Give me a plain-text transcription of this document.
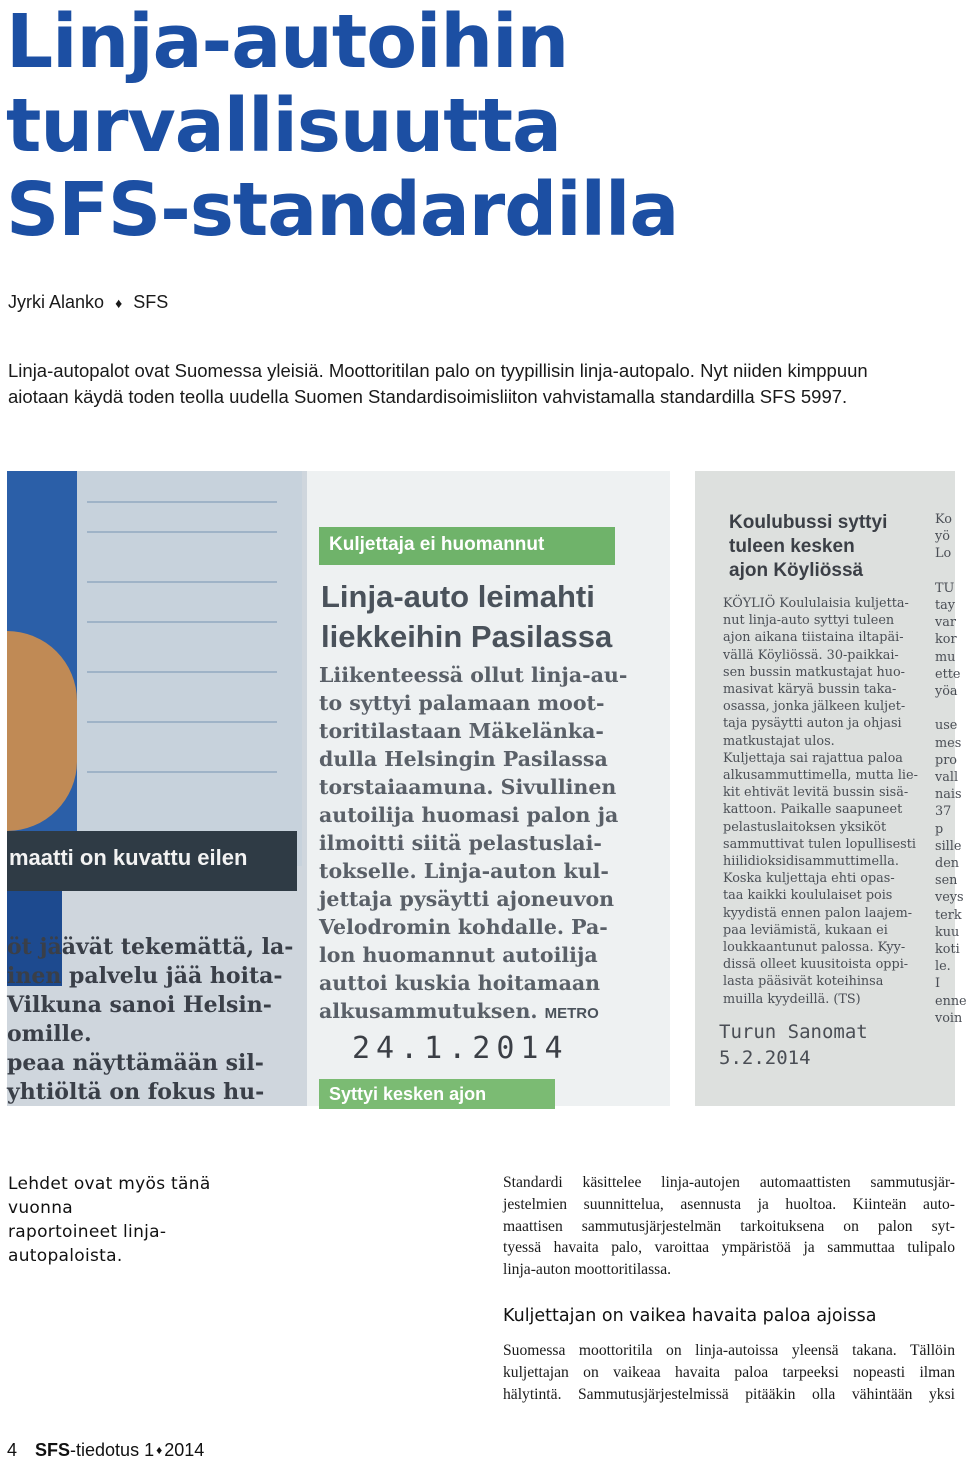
Linja-autoihin
turvallisuutta
SFS-standardilla
Jyrki Alanko ♦ SFS
Linja-autopalot ovat Suomessa yleisiä. Moottoritilan palo on tyypillisin linja-autopalo. Nyt niiden kimppuun
aiotaan käydä toden teolla uudella Suomen Standardisoimisliiton vahvistamalla standardilla SFS 5997.
maatti on kuvattu eilen
öt jäävät tekemättä, la-
inen palvelu jää hoita-
Vilkuna sanoi Helsin-
omille.
peaa näyttämään sil-
yhtiöltä on fokus hu-
Kuljettaja ei huomannut
Linja-auto leimahti
liekkeihin Pasilassa
Liikenteessä ollut linja-au-
to syttyi palamaan moot-
toritilastaan Mäkelänka-
dulla Helsingin Pasilassa
torstaiaamuna. Sivullinen
autoilija huomasi palon ja
ilmoitti siitä pelastuslai-
tokselle. Linja-auton kul-
jettaja pysäytti ajoneuvon
Velodromin kohdalle. Pa-
lon huomannut autoilija
auttoi kuskia hoitamaan
alkusammutuksen. METRO
24.1.2014
Syttyi kesken ajon
Koulubussi syttyi
tuleen kesken
ajon Köyliössä
KÖYLIÖ Koululaisia kuljetta-
nut linja-auto syttyi tuleen
ajon aikana tiistaina iltapäi-
vällä Köyliössä. 30-paikkai-
sen bussin matkustajat huo-
masivat käryä bussin taka-
osassa, jonka jälkeen kuljet-
taja pysäytti auton ja ohjasi
matkustajat ulos.
Kuljettaja sai rajattua paloa
alkusammuttimella, mutta lie-
kit ehtivät levitä bussin sisä-
kattoon. Paikalle saapuneet
pelastuslaitoksen yksiköt
sammuttivat tulen lopullisesti
hiilidioksidisammuttimella.
Koska kuljettaja ehti opas-
taa kaikki koululaiset pois
kyydistä ennen palon laajem-
paa leviämistä, kukaan ei
loukkaantunut palossa. Kyy-
dissä olleet kuusitoista oppi-
lasta pääsivät koteihinsa
muilla kyydeillä. (TS)
Turun Sanomat
5.2.2014
Ko
yö
Lo

TU
tay
var
kor
mu
ette
yöa

use
mes
pro
vall
nais
37 p
sille
den
sen
veys
terk
kuu
koti
le. I
enne
voin
Lehdet ovat myös tänä
vuonna
raportoineet linja-
autopaloista.
Standardi käsittelee linja-autojen automaattisten sammutusjär-
jestelmien suunnittelua, asennusta ja huoltoa. Kiinteän auto-
maattisen sammutusjärjestelmän tarkoituksena on palon syt-
tyessä havaita palo, varoittaa ympäristöä ja sammuttaa tulipalo
linja-auton moottoritilassa.
Kuljettajan on vaikea havaita paloa ajoissa
Suomessa moottoritila on linja-autoissa yleensä takana. Tällöin
kuljettajan on vaikeaa havaita paloa tarpeeksi nopeasti ilman
hälytintä. Sammutusjärjestelmissä pitääkin olla vähintään yksi
4 SFS-tiedotus 1 ♦ 2014
